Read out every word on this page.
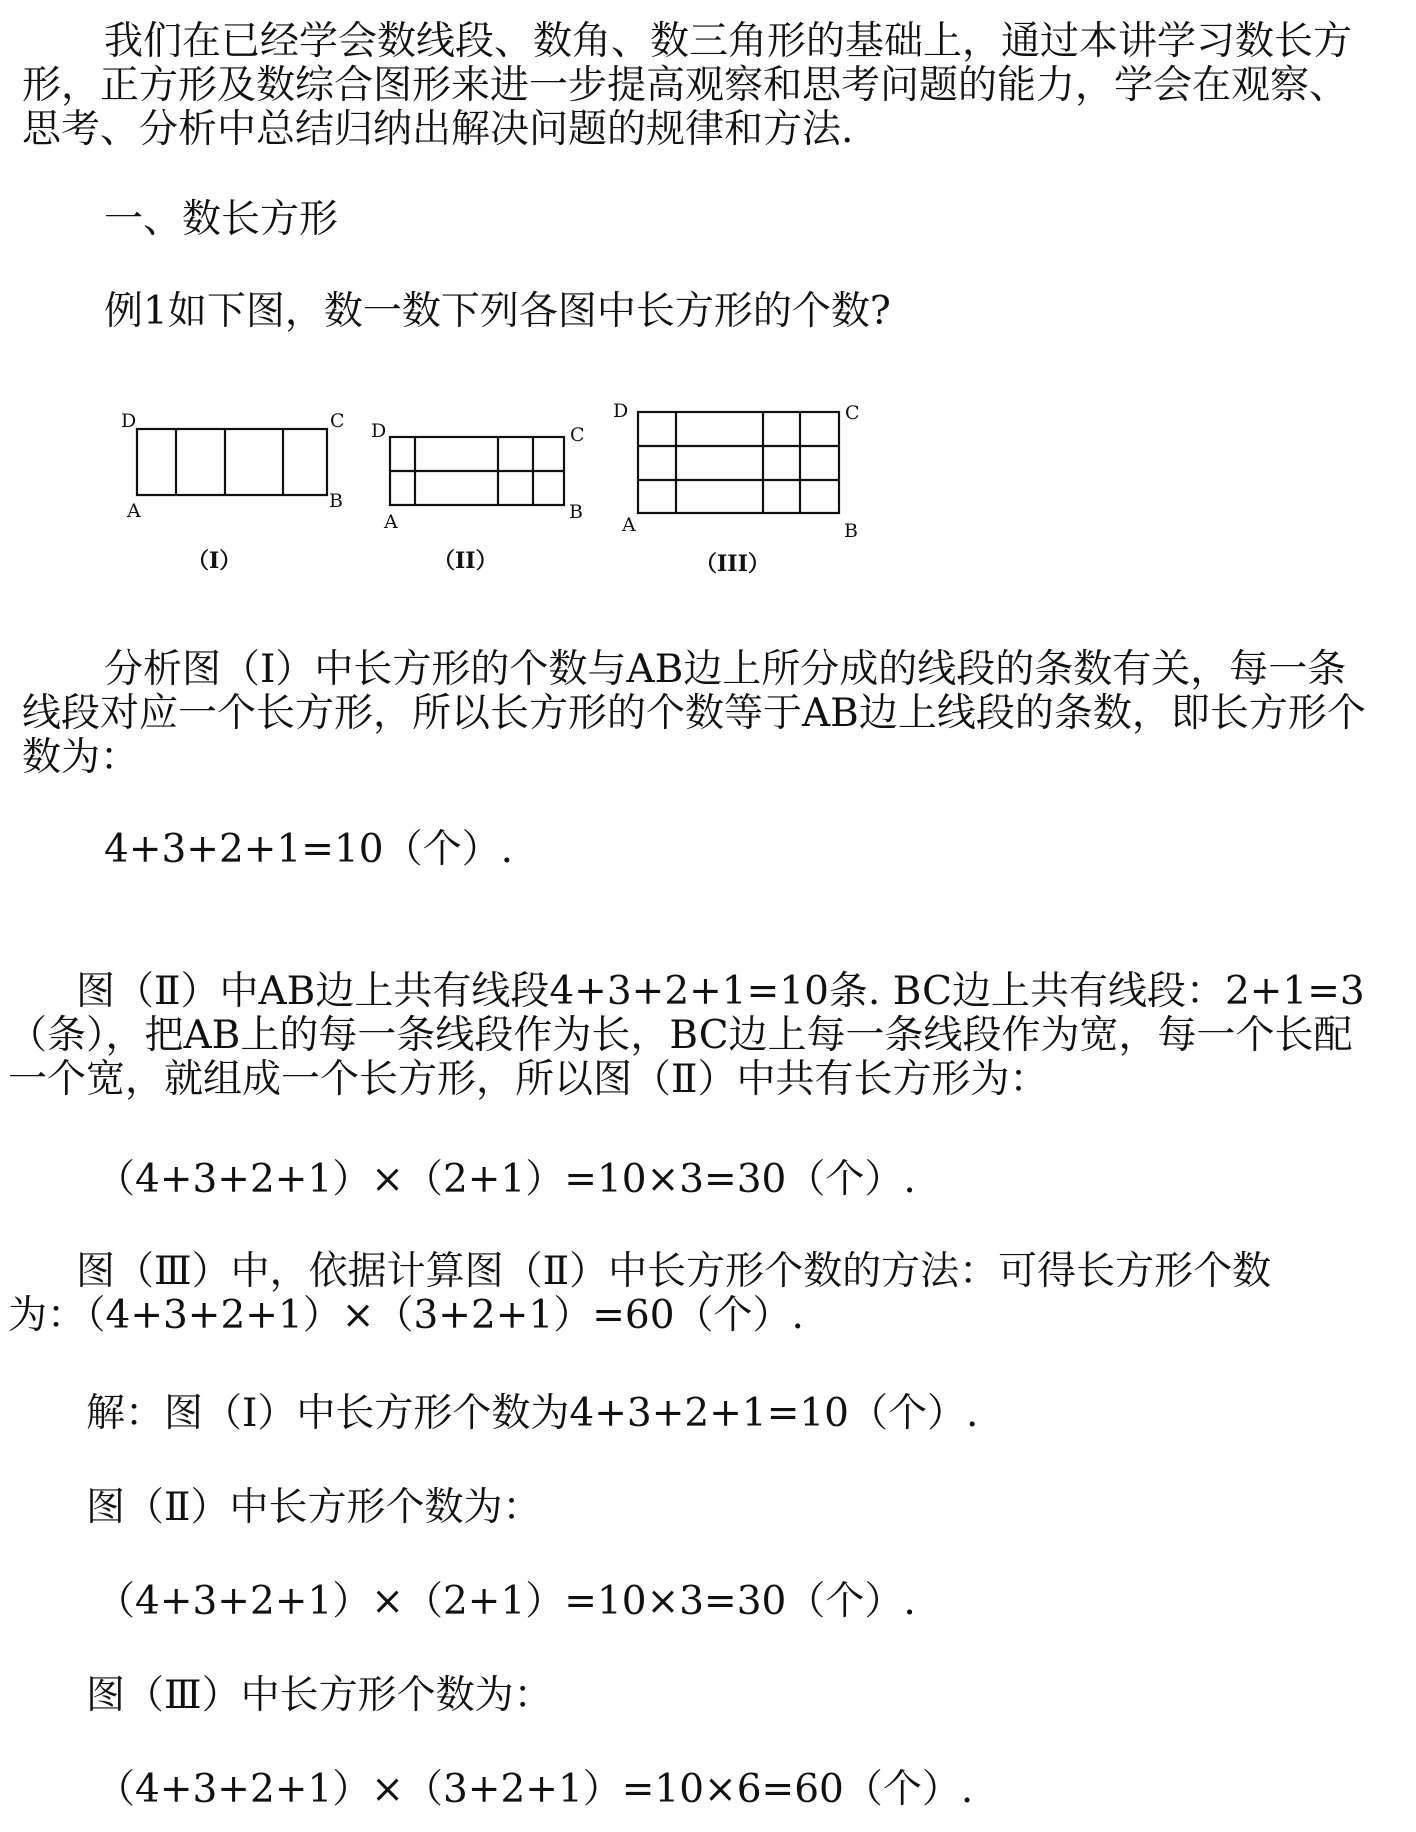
我们在已经学会数线段、数角、数三角形的基础上，通过本讲学习数长方
形，正方形及数综合图形来进一步提高观察和思考问题的能力，学会在观察、
思考、分析中总结归纳出解决问题的规律和方法.
一、数长方形
例1如下图，数一数下列各图中长方形的个数?
D	C
A	B
（I）
D	C
A	B
（II）
D	C
A	B
（III）
分析图（Ⅰ）中长方形的个数与AB边上所分成的线段的条数有关，每一条
线段对应一个长方形，所以长方形的个数等于AB边上线段的条数，即长方形个
数为：
4+3+2+1=10（个）.
图（Ⅱ）中AB边上共有线段4+3+2+1=10条. BC边上共有线段：2+1=3
（条），把AB上的每一条线段作为长，BC边上每一条线段作为宽，每一个长配
一个宽，就组成一个长方形，所以图（Ⅱ）中共有长方形为：
（4+3+2+1）×（2+1）=10×3=30（个）.
图（Ⅲ）中，依据计算图（Ⅱ）中长方形个数的方法：可得长方形个数
为：（4+3+2+1）×（3+2+1）=60（个）.
解：图（Ⅰ）中长方形个数为4+3+2+1=10（个）.
图（Ⅱ）中长方形个数为：
（4+3+2+1）×（2+1）=10×3=30（个）.
图（Ⅲ）中长方形个数为：
（4+3+2+1）×（3+2+1）=10×6=60（个）.
